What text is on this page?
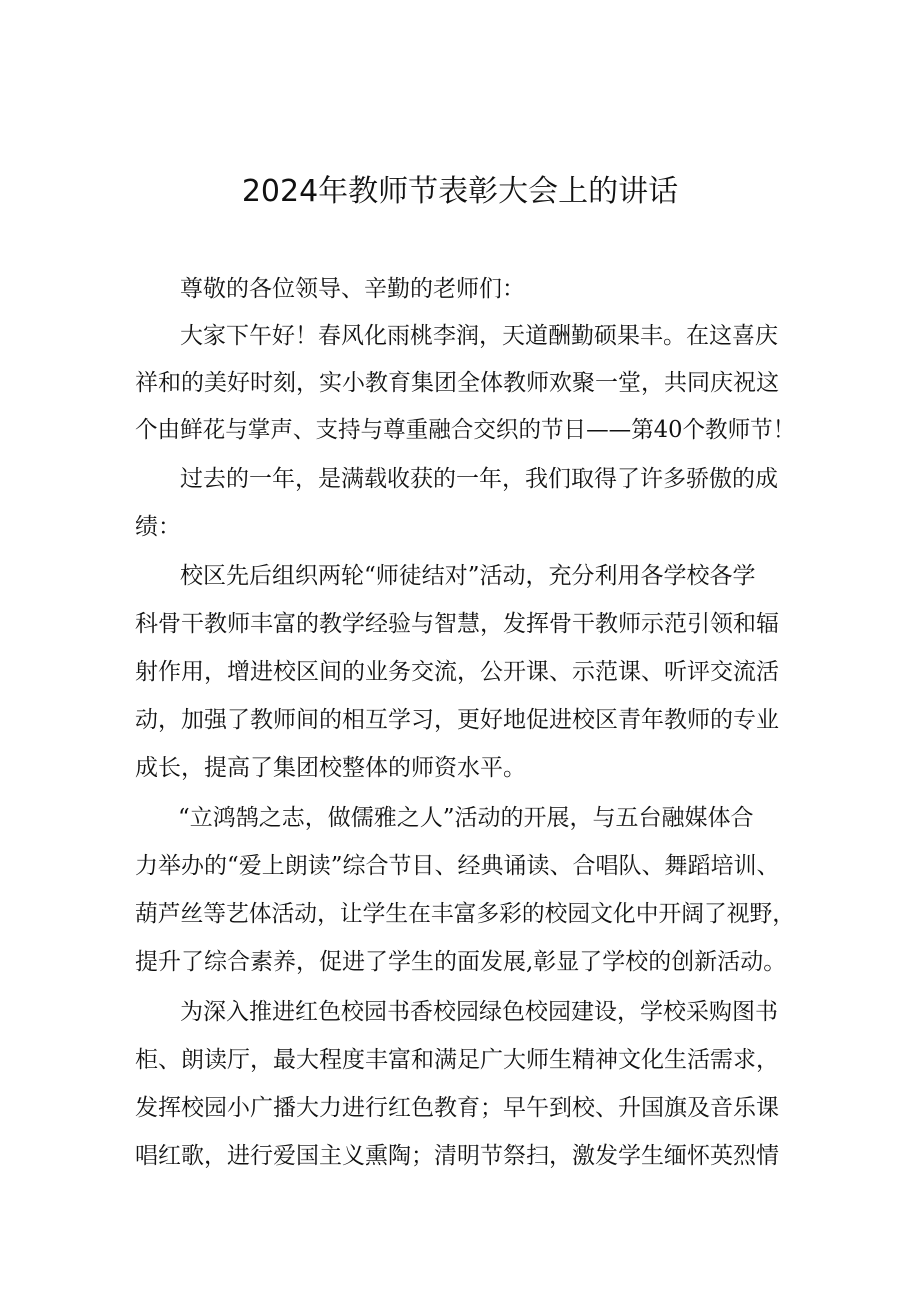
2024年教师节表彰大会上的讲话

尊敬的各位领导、辛勤的老师们：

大家下午好！春风化雨桃李润，天道酬勤硕果丰。在这喜庆

祥和的美好时刻，实小教育集团全体教师欢聚一堂，共同庆祝这

个由鲜花与掌声、支持与尊重融合交织的节日——第40个教师节！

过去的一年，是满载收获的一年，我们取得了许多骄傲的成

绩：

校区先后组织两轮“师徒结对”活动，充分利用各学校各学

科骨干教师丰富的教学经验与智慧，发挥骨干教师示范引领和辐

射作用，增进校区间的业务交流，公开课、示范课、听评交流活

动，加强了教师间的相互学习，更好地促进校区青年教师的专业

成长，提高了集团校整体的师资水平。

“立鸿鹄之志，做儒雅之人”活动的开展，与五台融媒体合

力举办的“爱上朗读”综合节目、经典诵读、合唱队、舞蹈培训、

葫芦丝等艺体活动，让学生在丰富多彩的校园文化中开阔了视野，

提升了综合素养，促进了学生的面发展,彰显了学校的创新活动。

为深入推进红色校园书香校园绿色校园建设，学校采购图书

柜、朗读厅，最大程度丰富和满足广大师生精神文化生活需求，

发挥校园小广播大力进行红色教育；早午到校、升国旗及音乐课

唱红歌，进行爱国主义熏陶；清明节祭扫，激发学生缅怀英烈情
